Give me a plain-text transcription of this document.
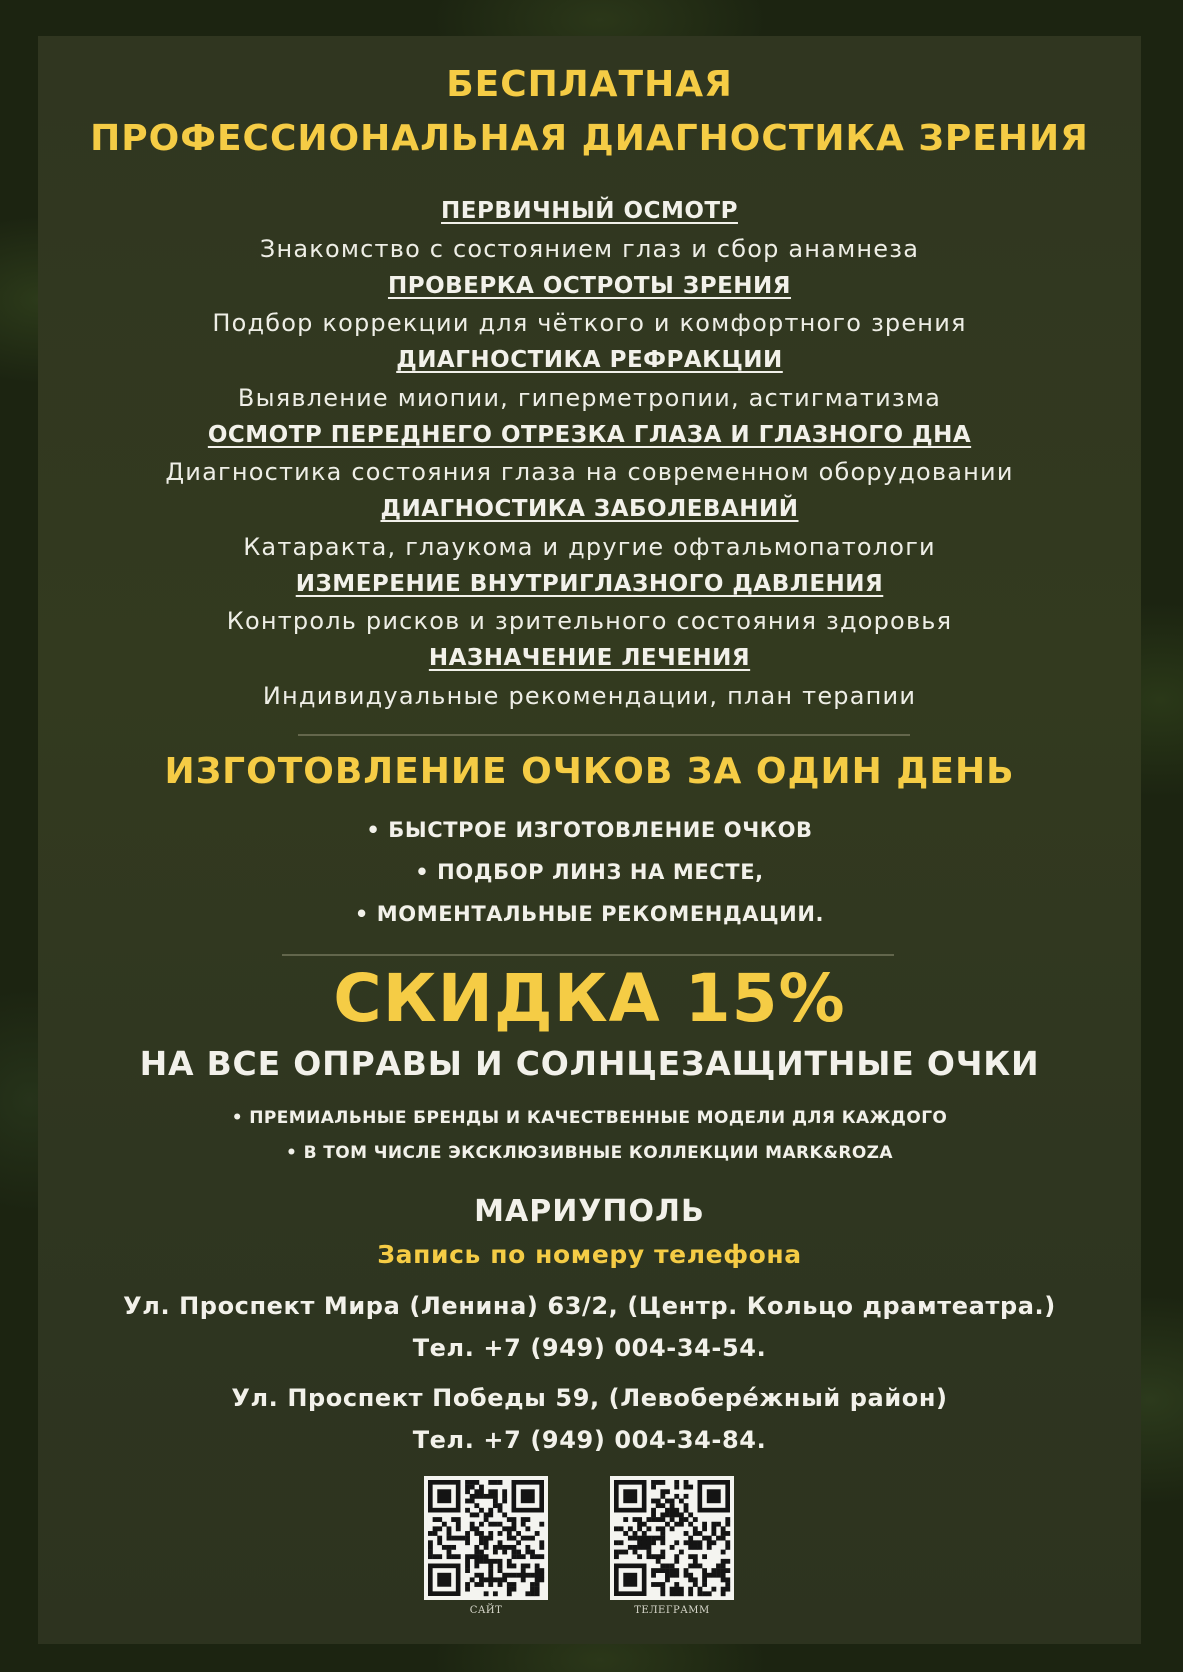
БЕСПЛАТНАЯ
ПРОФЕССИОНАЛЬНАЯ ДИАГНОСТИКА ЗРЕНИЯ
ПЕРВИЧНЫЙ ОСМОТР
Знакомство с состоянием глаз и сбор анамнеза
ПРОВЕРКА ОСТРОТЫ ЗРЕНИЯ
Подбор коррекции для чёткого и комфортного зрения
ДИАГНОСТИКА РЕФРАКЦИИ
Выявление миопии, гиперметропии, астигматизма
ОСМОТР ПЕРЕДНЕГО ОТРЕЗКА ГЛАЗА И ГЛАЗНОГО ДНА
Диагностика состояния глаза на современном оборудовании
ДИАГНОСТИКА ЗАБОЛЕВАНИЙ
Катаракта, глаукома и другие офтальмопатологи
ИЗМЕРЕНИЕ ВНУТРИГЛАЗНОГО ДАВЛЕНИЯ
Контроль рисков и зрительного состояния здоровья
НАЗНАЧЕНИЕ ЛЕЧЕНИЯ
Индивидуальные рекомендации, план терапии
ИЗГОТОВЛЕНИЕ ОЧКОВ ЗА ОДИН ДЕНЬ
• БЫСТРОЕ ИЗГОТОВЛЕНИЕ ОЧКОВ
• ПОДБОР ЛИНЗ НА МЕСТЕ,
• МОМЕНТАЛЬНЫЕ РЕКОМЕНДАЦИИ.
СКИДКА 15%
НА ВСЕ ОПРАВЫ И СОЛНЦЕЗАЩИТНЫЕ ОЧКИ
• ПРЕМИАЛЬНЫЕ БРЕНДЫ И КАЧЕСТВЕННЫЕ МОДЕЛИ ДЛЯ КАЖДОГО
• В ТОМ ЧИСЛЕ ЭКСКЛЮЗИВНЫЕ КОЛЛЕКЦИИ MARK&ROZA
МАРИУПОЛЬ
Запись по номеру телефона
Ул. Проспект Мира (Ленина) 63/2, (Центр. Кольцо драмтеатра.)
Тел. +7 (949) 004-34-54.
Ул. Проспект Победы 59, (Левобере́жный район)
Тел. +7 (949) 004-34-84.
САЙТ	ТЕЛЕГРАММ
